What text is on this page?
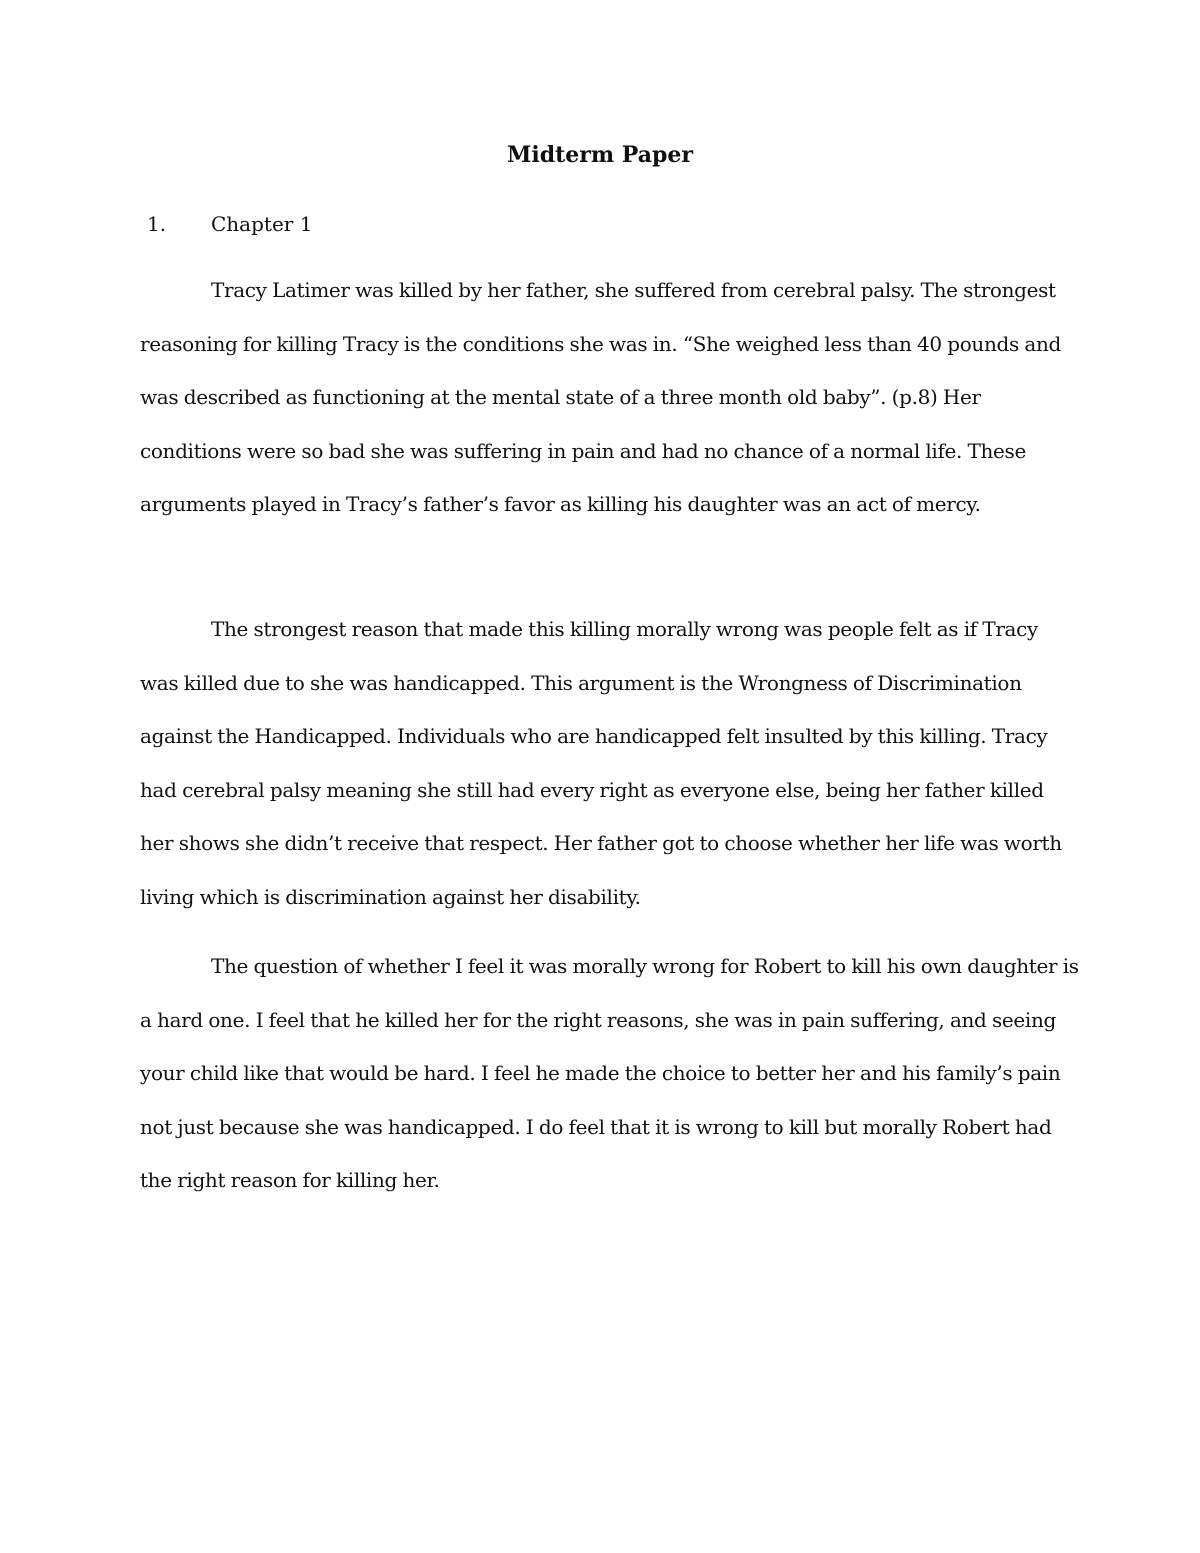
Midterm Paper
1. Chapter 1

Tracy Latimer was killed by her father, she suffered from cerebral palsy. The strongest reasoning for killing Tracy is the conditions she was in. “She weighed less than 40 pounds and was described as functioning at the mental state of a three month old baby”. (p.8) Her conditions were so bad she was suffering in pain and had no chance of a normal life. These arguments played in Tracy’s father’s favor as killing his daughter was an act of mercy.

The strongest reason that made this killing morally wrong was people felt as if Tracy was killed due to she was handicapped. This argument is the Wrongness of Discrimination against the Handicapped. Individuals who are handicapped felt insulted by this killing. Tracy had cerebral palsy meaning she still had every right as everyone else, being her father killed her shows she didn’t receive that respect. Her father got to choose whether her life was worth living which is discrimination against her disability.

The question of whether I feel it was morally wrong for Robert to kill his own daughter is a hard one. I feel that he killed her for the right reasons, she was in pain suffering, and seeing your child like that would be hard. I feel he made the choice to better her and his family’s pain not just because she was handicapped. I do feel that it is wrong to kill but morally Robert had the right reason for killing her.
